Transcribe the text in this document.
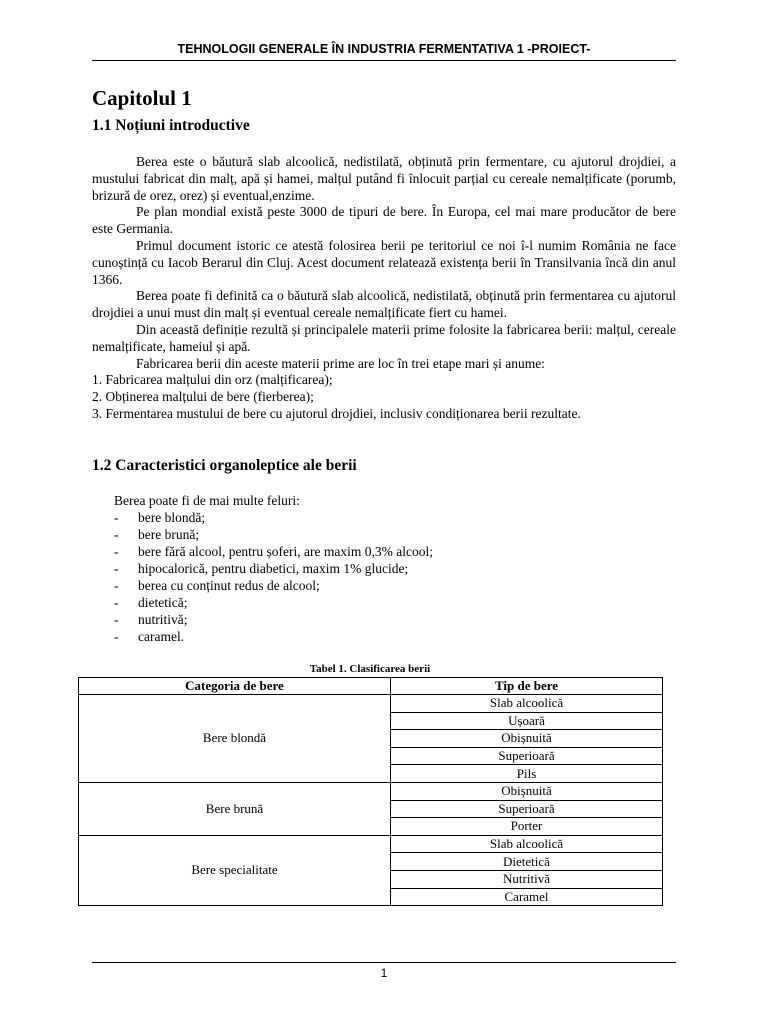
TEHNOLOGII GENERALE ÎN INDUSTRIA FERMENTATIVA 1 -PROIECT-
Capitolul 1
1.1 Noțiuni introductive

Berea este o băutură slab alcoolică, nedistilată, obținută prin fermentare, cu ajutorul drojdiei, a mustului fabricat din malț, apă și hamei, malțul putând fi înlocuit parțial cu cereale nemalțificate (porumb, brizură de orez, orez) și eventual,enzime.

Pe plan mondial există peste 3000 de tipuri de bere. În Europa, cel mai mare producător de bere este Germania.

Primul document istoric ce atestă folosirea berii pe teritoriul ce noi î-l numim România ne face cunoștință cu Iacob Berarul din Cluj. Acest document relatează existența berii în Transilvania încă din anul 1366.

Berea poate fi definită ca o băutură slab alcoolică, nedistilată, obținută prin fermentarea cu ajutorul drojdiei a unui must din malț și eventual cereale nemalțificate fiert cu hamei.

Din această definiție rezultă și principalele materii prime folosite la fabricarea berii: malțul, cereale nemalțificate, hameiul și apă.

Fabricarea berii din aceste materii prime are loc în trei etape mari și anume:

1. Fabricarea malțului din orz (malțificarea);

2. Obținerea malțului de bere (fierberea);

3. Fermentarea mustului de bere cu ajutorul drojdiei, inclusiv condiționarea berii rezultate.

1.2 Caracteristici organoleptice ale berii
Berea poate fi de mai multe feluri:
- bere blondă;
- bere brună;
- bere fără alcool, pentru șoferi, are maxim 0,3% alcool;
- hipocalorică, pentru diabetici, maxim 1% glucide;
- berea cu conținut redus de alcool;
- dietetică;
- nutritivă;
- caramel.
Tabel 1. Clasificarea berii
Categoria de bere	Tip de bere
Bere blondă	Slab alcoolică
	Ușoară
	Obișnuită
	Superioară
	Pils
Bere brună	Obișnuită
	Superioară
	Porter
Bere specialitate	Slab alcoolică
	Dietetică
	Nutritivă
	Caramel
1
